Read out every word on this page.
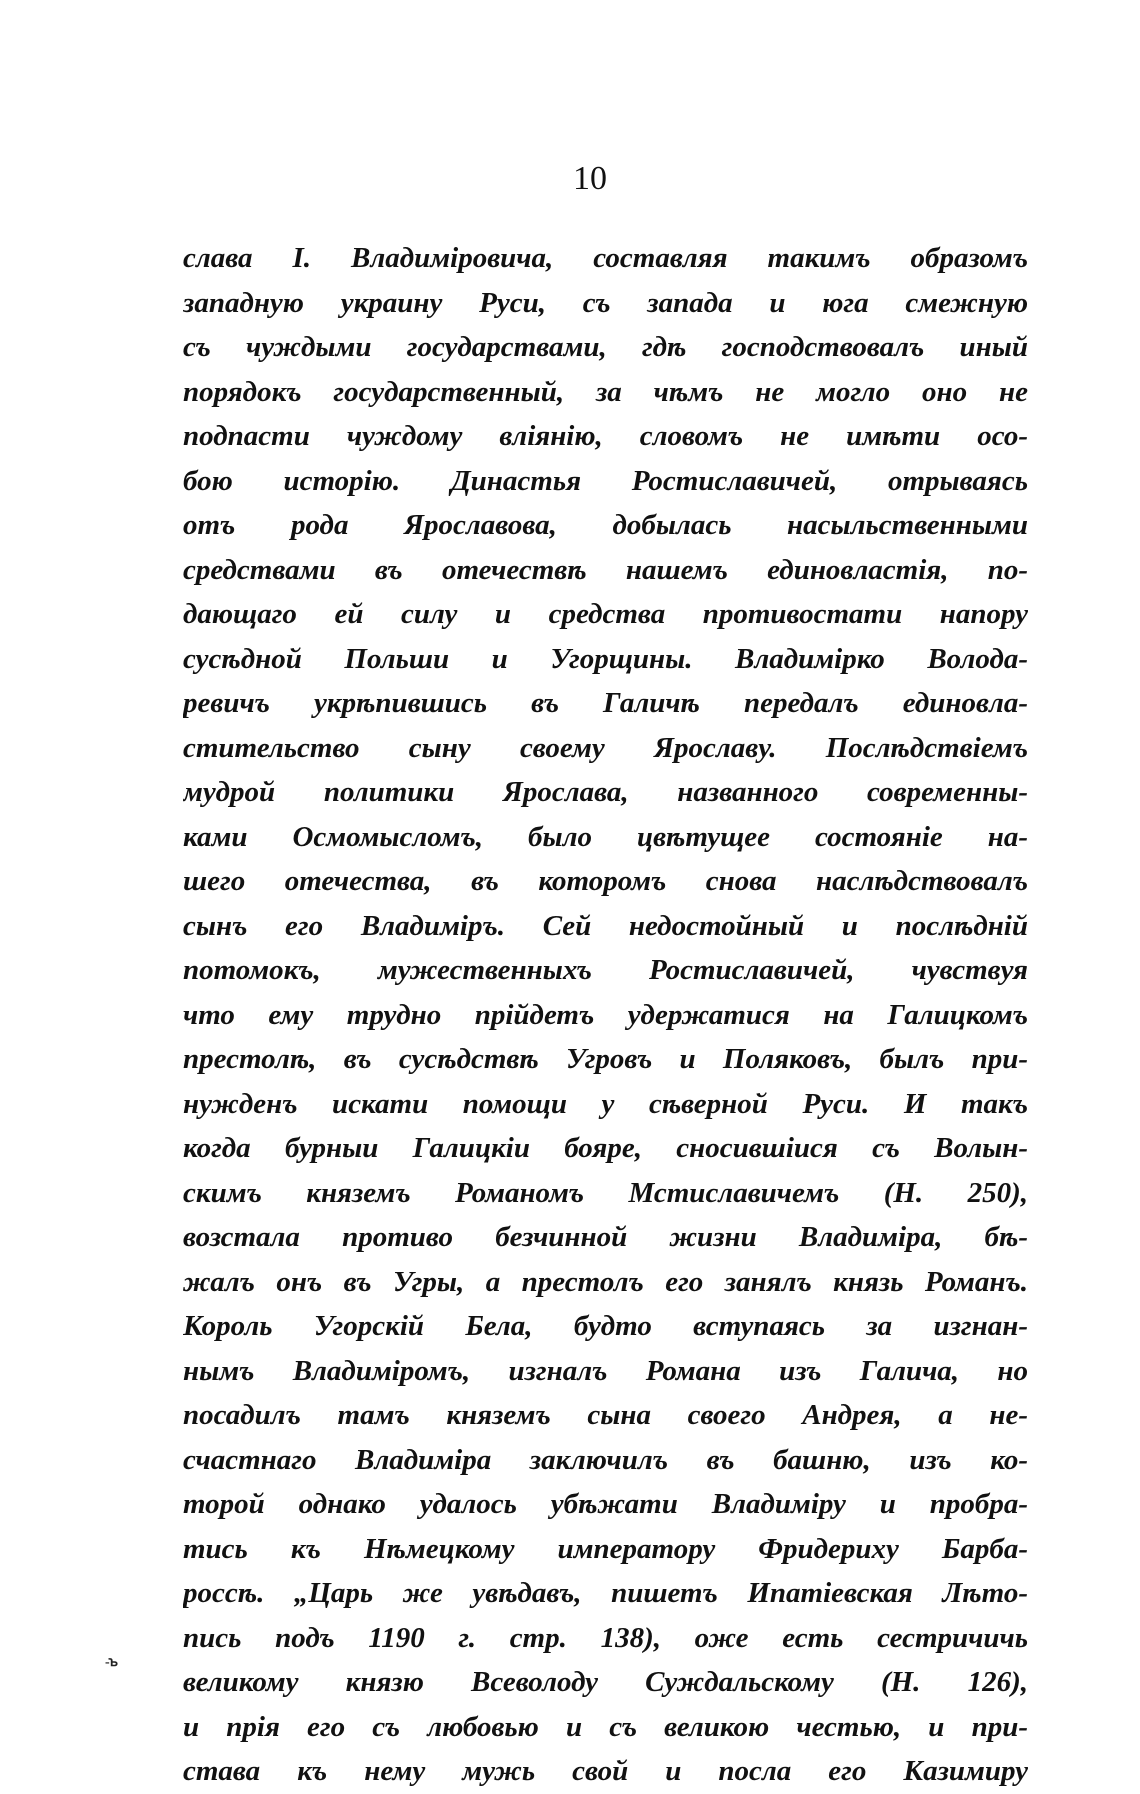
10
слава I. Владимiровича, составляя такимъ образомъ
западную украину Руси, съ запада и юга смежную
съ чуждыми государствами, гдѣ господствовалъ иный
порядокъ государственный, за чѣмъ не могло оно не
подпасти чуждому влiянiю, словомъ не имѣти осо-
бою исторiю. Династья Ростиславичей, отрываясь
отъ рода Ярославова, добылась насыльственными
средствами въ отечествѣ нашемъ единовластiя, по-
дающаго ей силу и средства противостати напору
сусѣдной Польши и Угорщины. Владимiрко Волода-
ревичъ укрѣпившись въ Галичѣ передалъ единовла-
стительство сыну своему Ярославу. Послѣдствiемъ
мудрой политики Ярослава, названного современны-
ками Осмомысломъ, было цвѣтущее состоянiе на-
шего отечества, въ которомъ снова наслѣдствовалъ
сынъ его Владимiръ. Сей недостойный и послѣднiй
потомокъ, мужественныхъ Ростиславичей, чувствуя
что ему трудно прiйдетъ удержатися на Галицкомъ
престолѣ, въ сусѣдствѣ Угровъ и Поляковъ, былъ при-
нужденъ искати помощи у сѣверной Руси. И такъ
когда бурныи Галицкiи бояре, сносившiися съ Волын-
скимъ княземъ Романомъ Мстиславичемъ (Н. 250),
возстала противо безчинной жизни Владимiра, бѣ-
жалъ онъ въ Угры, а престолъ его занялъ князь Романъ.
Король Угорскiй Бела, будто вступаясь за изгнан-
нымъ Владимiромъ, изгналъ Романа изъ Галича, но
посадилъ тамъ княземъ сына своего Андрея, а не-
счастнаго Владимiра заключилъ въ башню, изъ ко-
торой однако удалось убѣжати Владимiру и пробра-
тись къ Нѣмецкому императору Фридериху Барба-
россѣ. „Царь же увѣдавъ, пишетъ Ипатiевская Лѣто-
пись подъ 1190 г. стр. 138), оже есть сестричичь
великому князю Всеволоду Суждальскому (Н. 126),
и прiя его съ любовью и съ великою честью, и при-
става къ нему мужь свой и посла его Казимиру
-ꙏ
